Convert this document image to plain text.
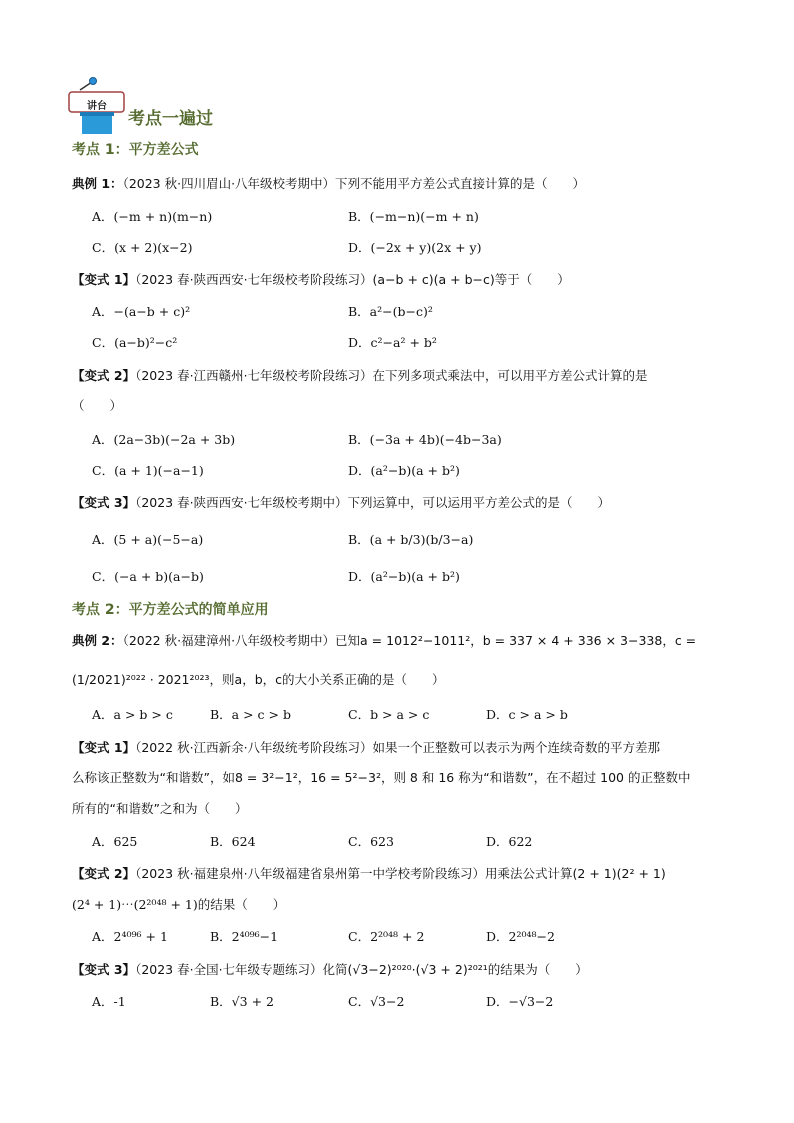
讲台
考点一遍过
考点 1：平方差公式
典例 1：（2023 秋·四川眉山·八年级校考期中）下列不能用平方差公式直接计算的是（　　）
A．(−m + n)(m−n)	B．(−m−n)(−m + n)
C．(x + 2)(x−2)	D．(−2x + y)(2x + y)
【变式 1】（2023 春·陕西西安·七年级校考阶段练习）(a−b + c)(a + b−c)等于（　　）
A．−(a−b + c)²	B．a²−(b−c)²
C．(a−b)²−c²	D．c²−a² + b²
【变式 2】（2023 春·江西赣州·七年级校考阶段练习）在下列多项式乘法中，可以用平方差公式计算的是
（　　）
A．(2a−3b)(−2a + 3b)	B．(−3a + 4b)(−4b−3a)
C．(a + 1)(−a−1)	D．(a²−b)(a + b²)
【变式 3】（2023 春·陕西西安·七年级校考期中）下列运算中，可以运用平方差公式的是（　　）
A．(5 + a)(−5−a)	B．(a + b/3)(b/3−a)
C．(−a + b)(a−b)	D．(a²−b)(a + b²)
考点 2：平方差公式的简单应用
典例 2：（2022 秋·福建漳州·八年级校考期中）已知a = 1012²−1011²，b = 337 × 4 + 336 × 3−338，c =
(1/2021)²⁰²² · 2021²⁰²³，则a，b，c的大小关系正确的是（　　）
A．a > b > c	B．a > c > b	C．b > a > c	D．c > a > b
【变式 1】（2022 秋·江西新余·八年级统考阶段练习）如果一个正整数可以表示为两个连续奇数的平方差那
么称该正整数为“和谐数”，如8 = 3²−1²，16 = 5²−3²，则 8 和 16 称为“和谐数”，在不超过 100 的正整数中
所有的“和谐数”之和为（　　）
A．625	B．624	C．623	D．622
【变式 2】（2023 秋·福建泉州·八年级福建省泉州第一中学校考阶段练习）用乘法公式计算(2 + 1)(2² + 1)
(2⁴ + 1)⋯(2²⁰⁴⁸ + 1)的结果（　　）
A．2⁴⁰⁹⁶ + 1	B．2⁴⁰⁹⁶−1	C．2²⁰⁴⁸ + 2	D．2²⁰⁴⁸−2
【变式 3】（2023 春·全国·七年级专题练习）化简(√3−2)²⁰²⁰·(√3 + 2)²⁰²¹的结果为（　　）
A．-1	B．√3 + 2	C．√3−2	D．−√3−2
